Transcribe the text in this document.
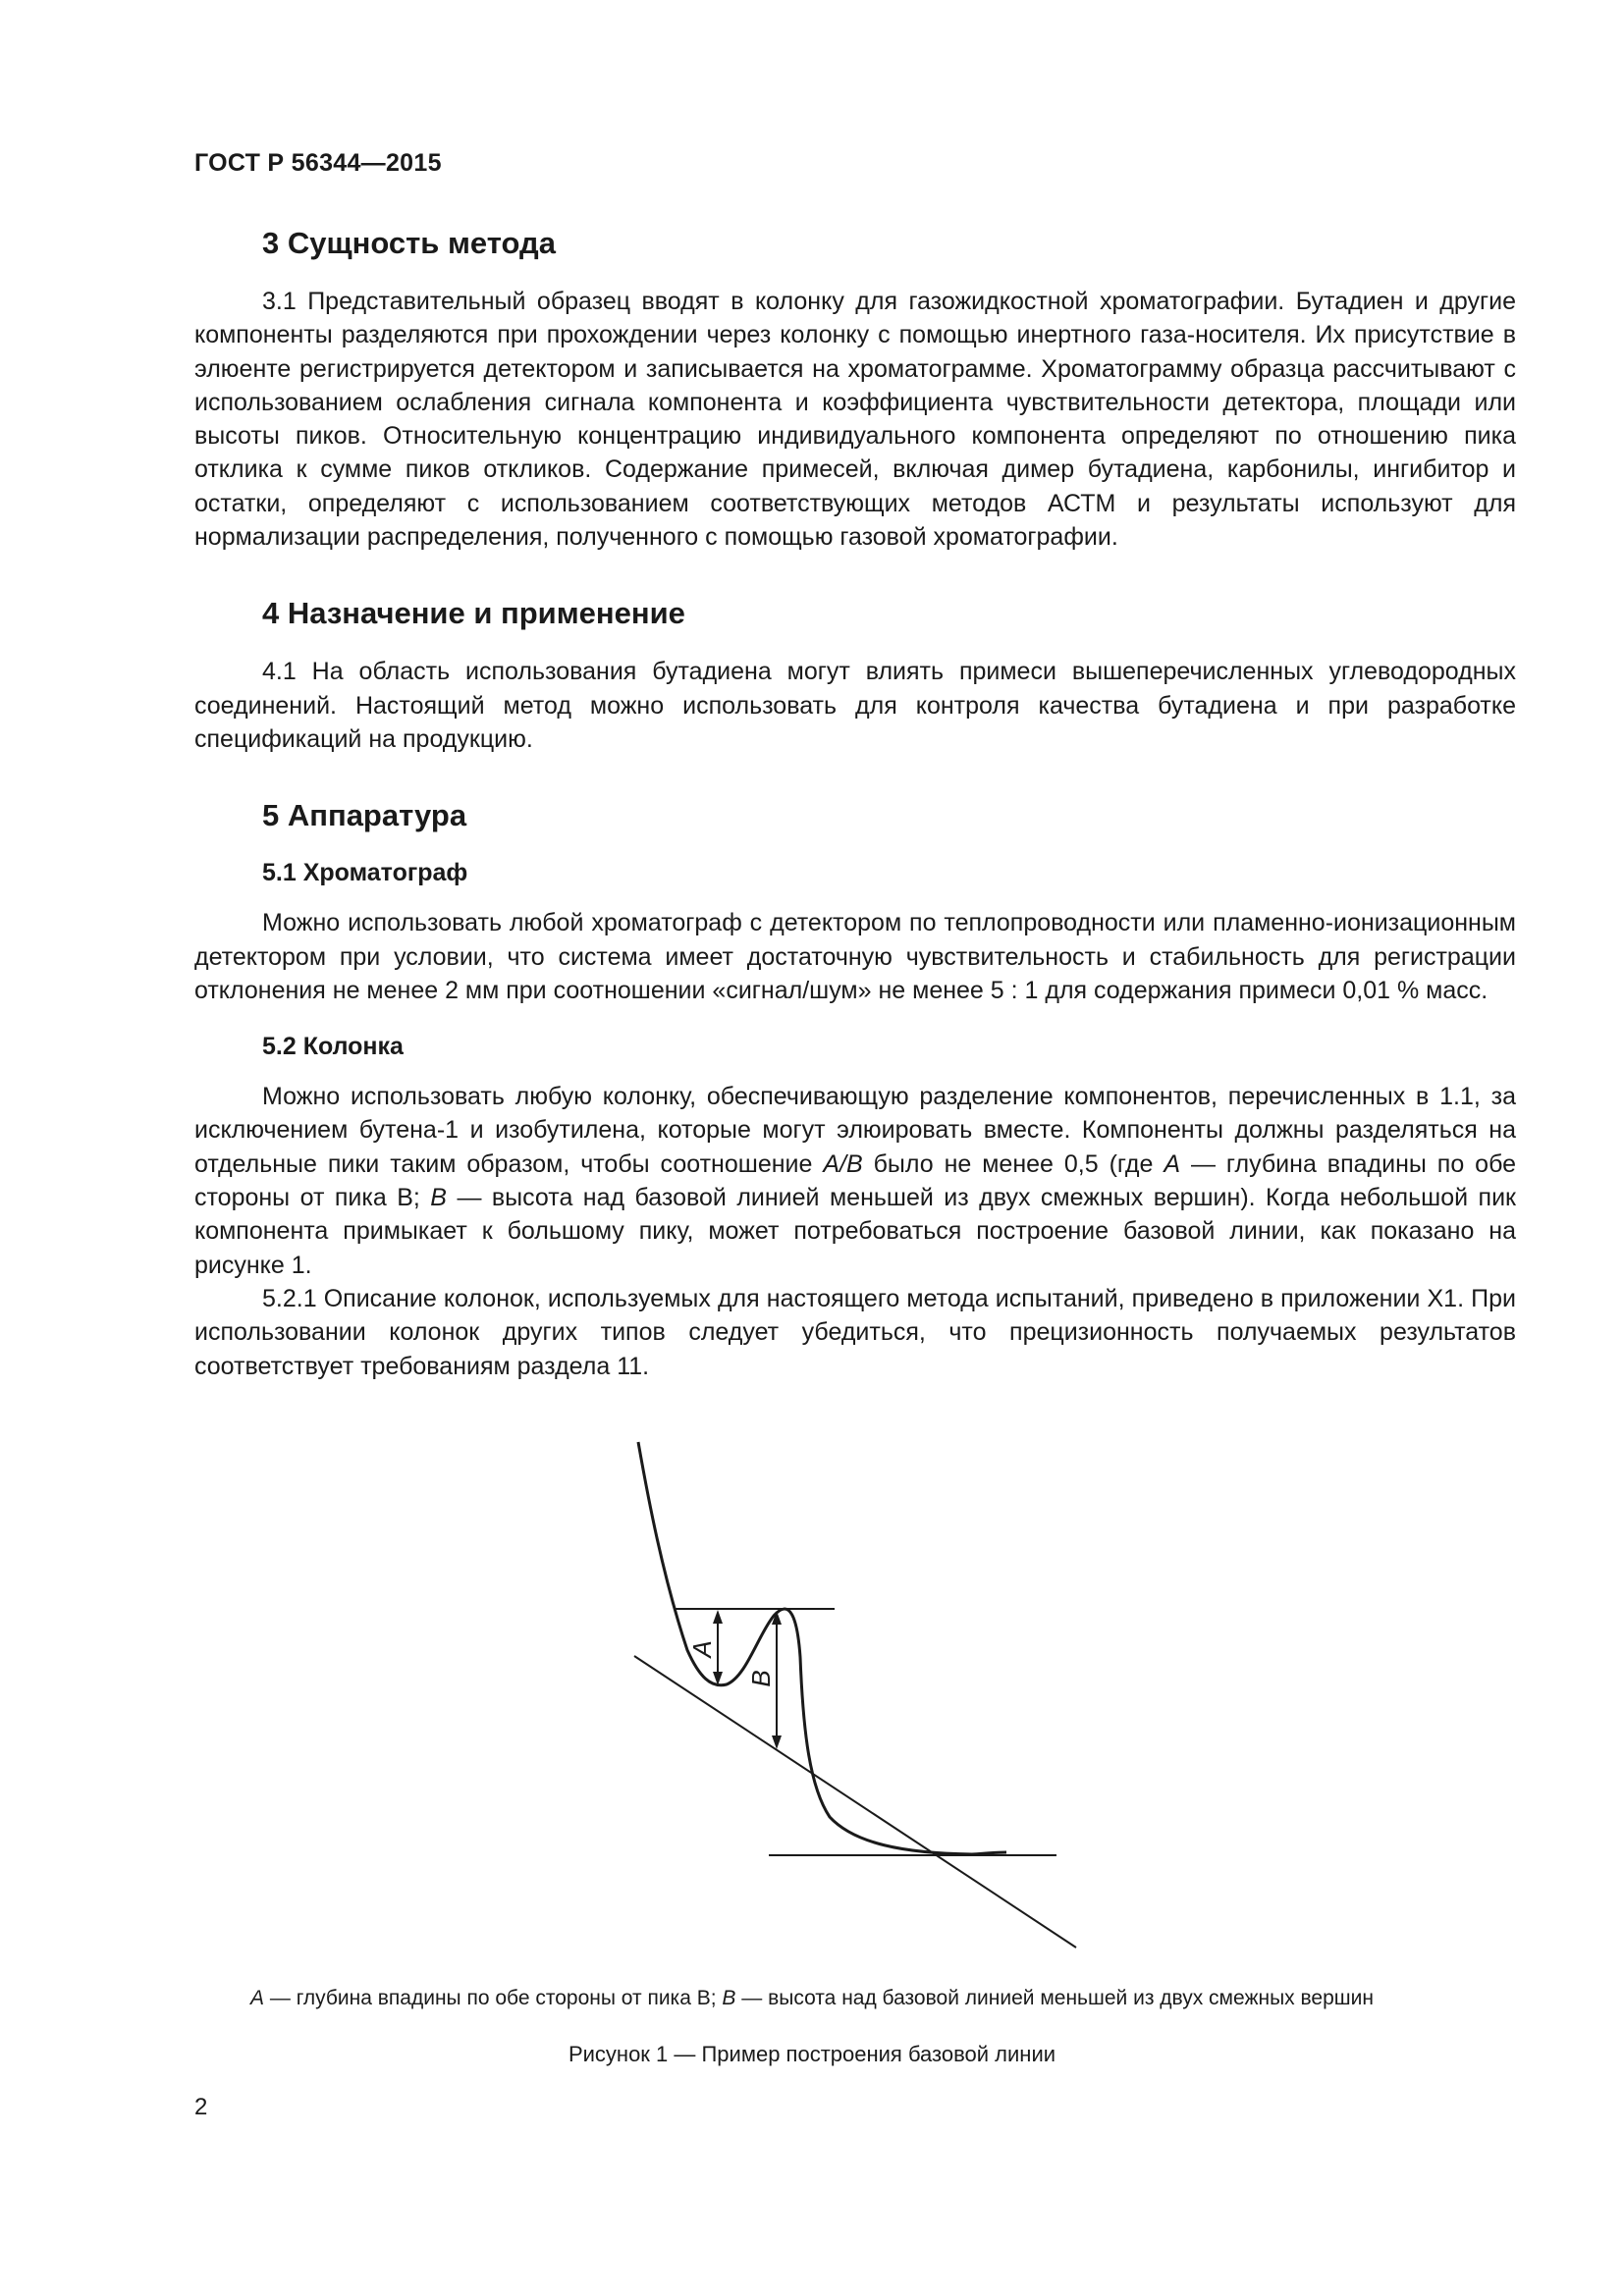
ГОСТ Р 56344—2015
3 Сущность метода

3.1 Представительный образец вводят в колонку для газожидкостной хроматографии. Бутадиен и другие компоненты разделяются при прохождении через колонку с помощью инертного газа-носителя. Их присутствие в элюенте регистрируется детектором и записывается на хроматограмме. Хроматограмму образца рассчитывают с использованием ослабления сигнала компонента и коэффициента чувствительности детектора, площади или высоты пиков. Относительную концентрацию индивидуального компонента определяют по отношению пика отклика к сумме пиков откликов. Содержание примесей, включая димер бутадиена, карбонилы, ингибитор и остатки, определяют с использованием соответствующих методов АСТМ и результаты используют для нормализации распределения, полученного с помощью газовой хроматографии.

4 Назначение и применение

4.1 На область использования бутадиена могут влиять примеси вышеперечисленных углеводородных соединений. Настоящий метод можно использовать для контроля качества бутадиена и при разработке спецификаций на продукцию.

5 Аппаратура
5.1 Хроматограф

Можно использовать любой хроматограф с детектором по теплопроводности или пламенно-ионизационным детектором при условии, что система имеет достаточную чувствительность и стабильность для регистрации отклонения не менее 2 мм при соотношении «сигнал/шум» не менее 5 : 1 для содержания примеси 0,01 % масс.

5.2 Колонка

Можно использовать любую колонку, обеспечивающую разделение компонентов, перечисленных в 1.1, за исключением бутена-1 и изобутилена, которые могут элюировать вместе. Компоненты должны разделяться на отдельные пики таким образом, чтобы соотношение A/B было не менее 0,5 (где A — глубина впадины по обе стороны от пика В; B — высота над базовой линией меньшей из двух смежных вершин). Когда небольшой пик компонента примыкает к большому пику, может потребоваться построение базовой линии, как показано на рисунке 1.

5.2.1 Описание колонок, используемых для настоящего метода испытаний, приведено в приложении Х1. При использовании колонок других типов следует убедиться, что прецизионность получаемых результатов соответствует требованиям раздела 11.

A
B
A — глубина впадины по обе стороны от пика В; B — высота над базовой линией меньшей из двух смежных вершин
Рисунок 1 — Пример построения базовой линии
2
